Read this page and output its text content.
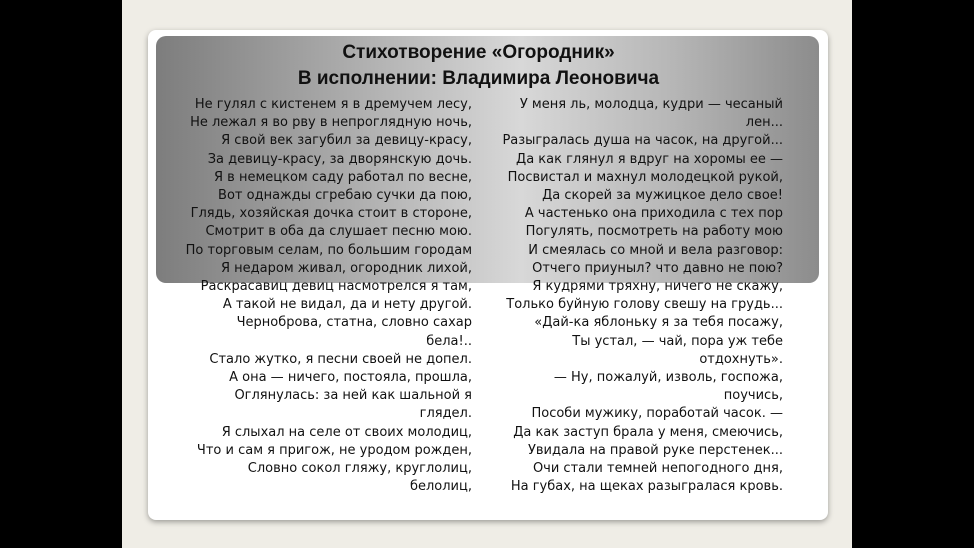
Стихотворение «Огородник»
В исполнении: Владимира Леоновича
Не гулял с кистенем я в дремучем лесу,
Не лежал я во рву в непроглядную ночь,
Я свой век загубил за девицу-красу,
За девицу-красу, за дворянскую дочь.
Я в немецком саду работал по весне,
Вот однажды сгребаю сучки да пою,
Глядь, хозяйская дочка стоит в стороне,
Смотрит в оба да слушает песню мою.
По торговым селам, по большим городам
Я недаром живал, огородник лихой,
Раскрасавиц девиц насмотрелся я там,
А такой не видал, да и нету другой.
Черноброва, статна, словно сахар
бела!..
Стало жутко, я песни своей не допел.
А она — ничего, постояла, прошла,
Оглянулась: за ней как шальной я
глядел.
Я слыхал на селе от своих молодиц,
Что и сам я пригож, не уродом рожден,
Словно сокол гляжу, круглолиц,
белолиц,
У меня ль, молодца, кудри — чесаный
лен...
Разыгралась душа на часок, на другой...
Да как глянул я вдруг на хоромы ее —
Посвистал и махнул молодецкой рукой,
Да скорей за мужицкое дело свое!
А частенько она приходила с тех пор
Погулять, посмотреть на работу мою
И смеялась со мной и вела разговор:
Отчего приуныл? что давно не пою?
Я кудрями тряхну, ничего не скажу,
Только буйную голову свешу на грудь...
«Дай-ка яблоньку я за тебя посажу,
Ты устал, — чай, пора уж тебе
отдохнуть».
— Ну, пожалуй, изволь, госпожа,
поучись,
Пособи мужику, поработай часок. —
Да как заступ брала у меня, смеючись,
Увидала на правой руке перстенек...
Очи стали темней непогодного дня,
На губах, на щеках разыгралася кровь.
